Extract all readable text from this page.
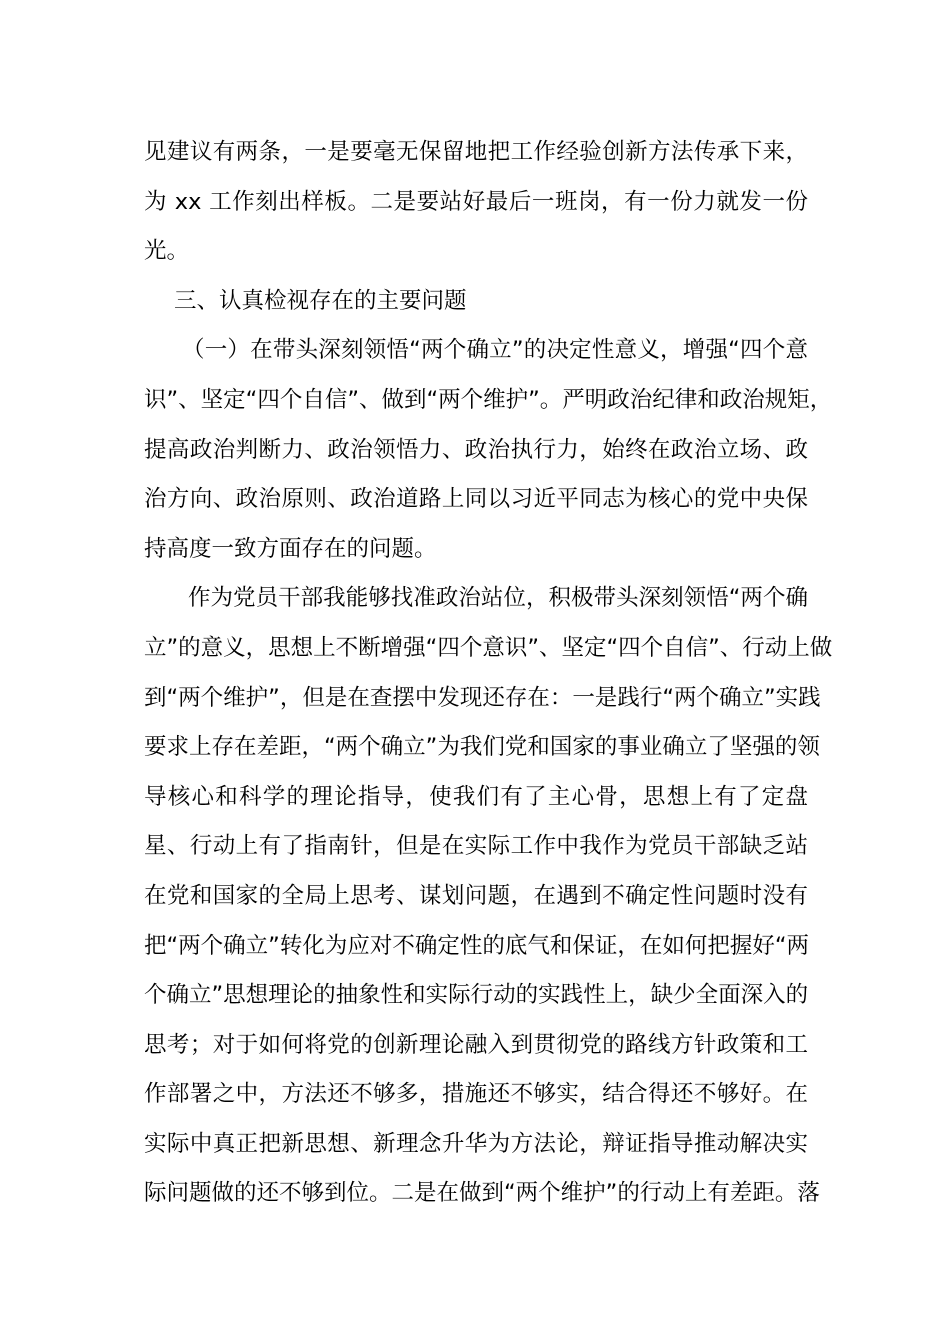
见建议有两条，一是要毫无保留地把工作经验创新方法传承下来，
为 xx 工作刻出样板。二是要站好最后一班岗，有一份力就发一份
光。
三、认真检视存在的主要问题
（一）在带头深刻领悟“两个确立”的决定性意义，增强“四个意
识”、坚定“四个自信”、做到“两个维护”。严明政治纪律和政治规矩，
提高政治判断力、政治领悟力、政治执行力，始终在政治立场、政
治方向、政治原则、政治道路上同以习近平同志为核心的党中央保
持高度一致方面存在的问题。
作为党员干部我能够找准政治站位，积极带头深刻领悟“两个确
立”的意义，思想上不断增强“四个意识”、坚定“四个自信”、行动上做
到“两个维护”，但是在查摆中发现还存在：一是践行“两个确立”实践
要求上存在差距，“两个确立”为我们党和国家的事业确立了坚强的领
导核心和科学的理论指导，使我们有了主心骨，思想上有了定盘
星、行动上有了指南针，但是在实际工作中我作为党员干部缺乏站
在党和国家的全局上思考、谋划问题，在遇到不确定性问题时没有
把“两个确立”转化为应对不确定性的底气和保证，在如何把握好“两
个确立”思想理论的抽象性和实际行动的实践性上，缺少全面深入的
思考；对于如何将党的创新理论融入到贯彻党的路线方针政策和工
作部署之中，方法还不够多，措施还不够实，结合得还不够好。在
实际中真正把新思想、新理念升华为方法论，辩证指导推动解决实
际问题做的还不够到位。二是在做到“两个维护”的行动上有差距。落
